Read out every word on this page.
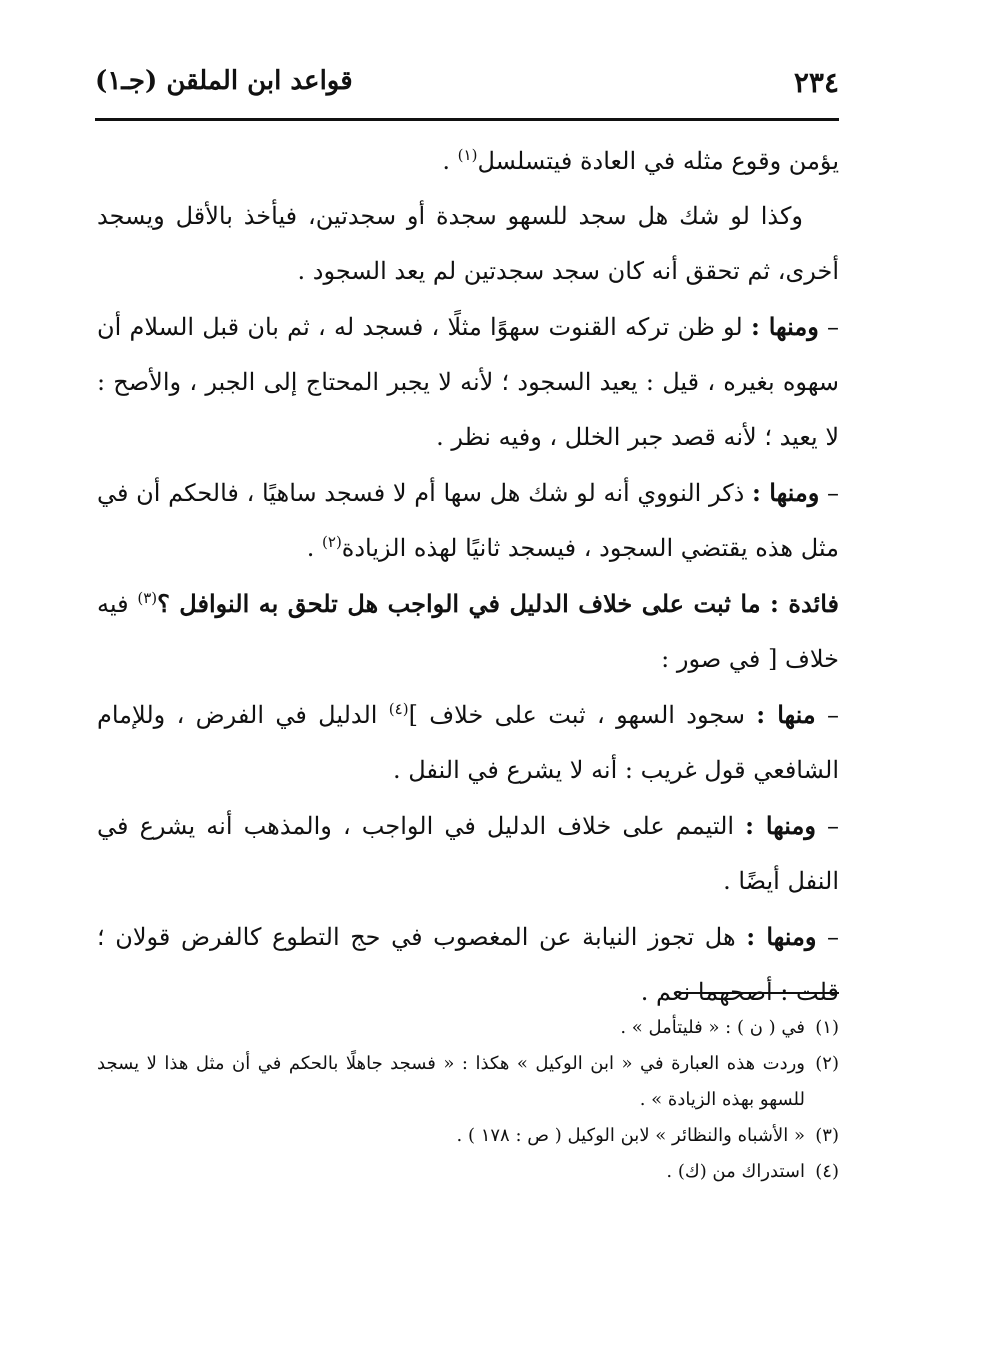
٢٣٤
قواعد ابن الملقن (جـ١)

يؤمن وقوع مثله في العادة فيتسلسل$^{(١)}$ .

وكذا لو شك هل سجد للسهو سجدة أو سجدتين، فيأخذ بالأقل ويسجد أخرى، ثم تحقق أنه كان سجد سجدتين لم يعد السجود .

– ومنها : لو ظن تركه القنوت سهوًا مثلًا ، فسجد له ، ثم بان قبل السلام أن سهوه بغيره ، قيل : يعيد السجود ؛ لأنه لا يجبر المحتاج إلى الجبر ، والأصح : لا يعيد ؛ لأنه قصد جبر الخلل ، وفيه نظر .

– ومنها : ذكر النووي أنه لو شك هل سها أم لا فسجد ساهيًا ، فالحكم أن في مثل هذه يقتضي السجود ، فيسجد ثانيًا لهذه الزيادة$^{(٢)}$ .

فائدة : ما ثبت على خلاف الدليل في الواجب هل تلحق به النوافل ؟$^{(٣)}$ فيه خلاف [ في صور :

– منها : سجود السهو ، ثبت على خلاف ]$^{(٤)}$ الدليل في الفرض ، وللإمام الشافعي قول غريب : أنه لا يشرع في النفل .

– ومنها : التيمم على خلاف الدليل في الواجب ، والمذهب أنه يشرع في النفل أيضًا .

– ومنها : هل تجوز النيابة عن المغصوب في حج التطوع كالفرض قولان ؛ قلت : أصحهما نعم .

(١)
في ( ن ) : « فليتأمل » .

(٢)
وردت هذه العبارة في « ابن الوكيل » هكذا : « فسجد جاهلًا بالحكم في أن مثل هذا لا يسجد للسهو بهذه الزيادة » .

(٣)
« الأشباه والنظائر » لابن الوكيل ( ص : ١٧٨ ) .

(٤)
استدراك من (ك) .
